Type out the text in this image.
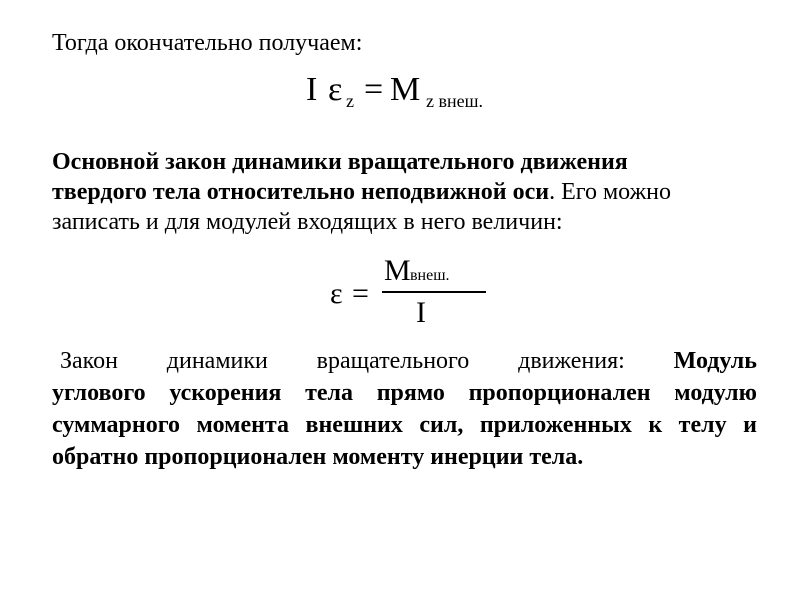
Тогда окончательно получаем:
I ε z = M z внеш.
Основной закон динамики вращательного движения
твердого тела относительно неподвижной оси. Его можно
записать и для модулей входящих в него величин:
ε =
M внеш.
I
Закон динамики вращательного движения: Модуль
углового ускорения тела прямо пропорционален модулю
суммарного момента внешних сил, приложенных к телу и
обратно пропорционален моменту инерции тела.
